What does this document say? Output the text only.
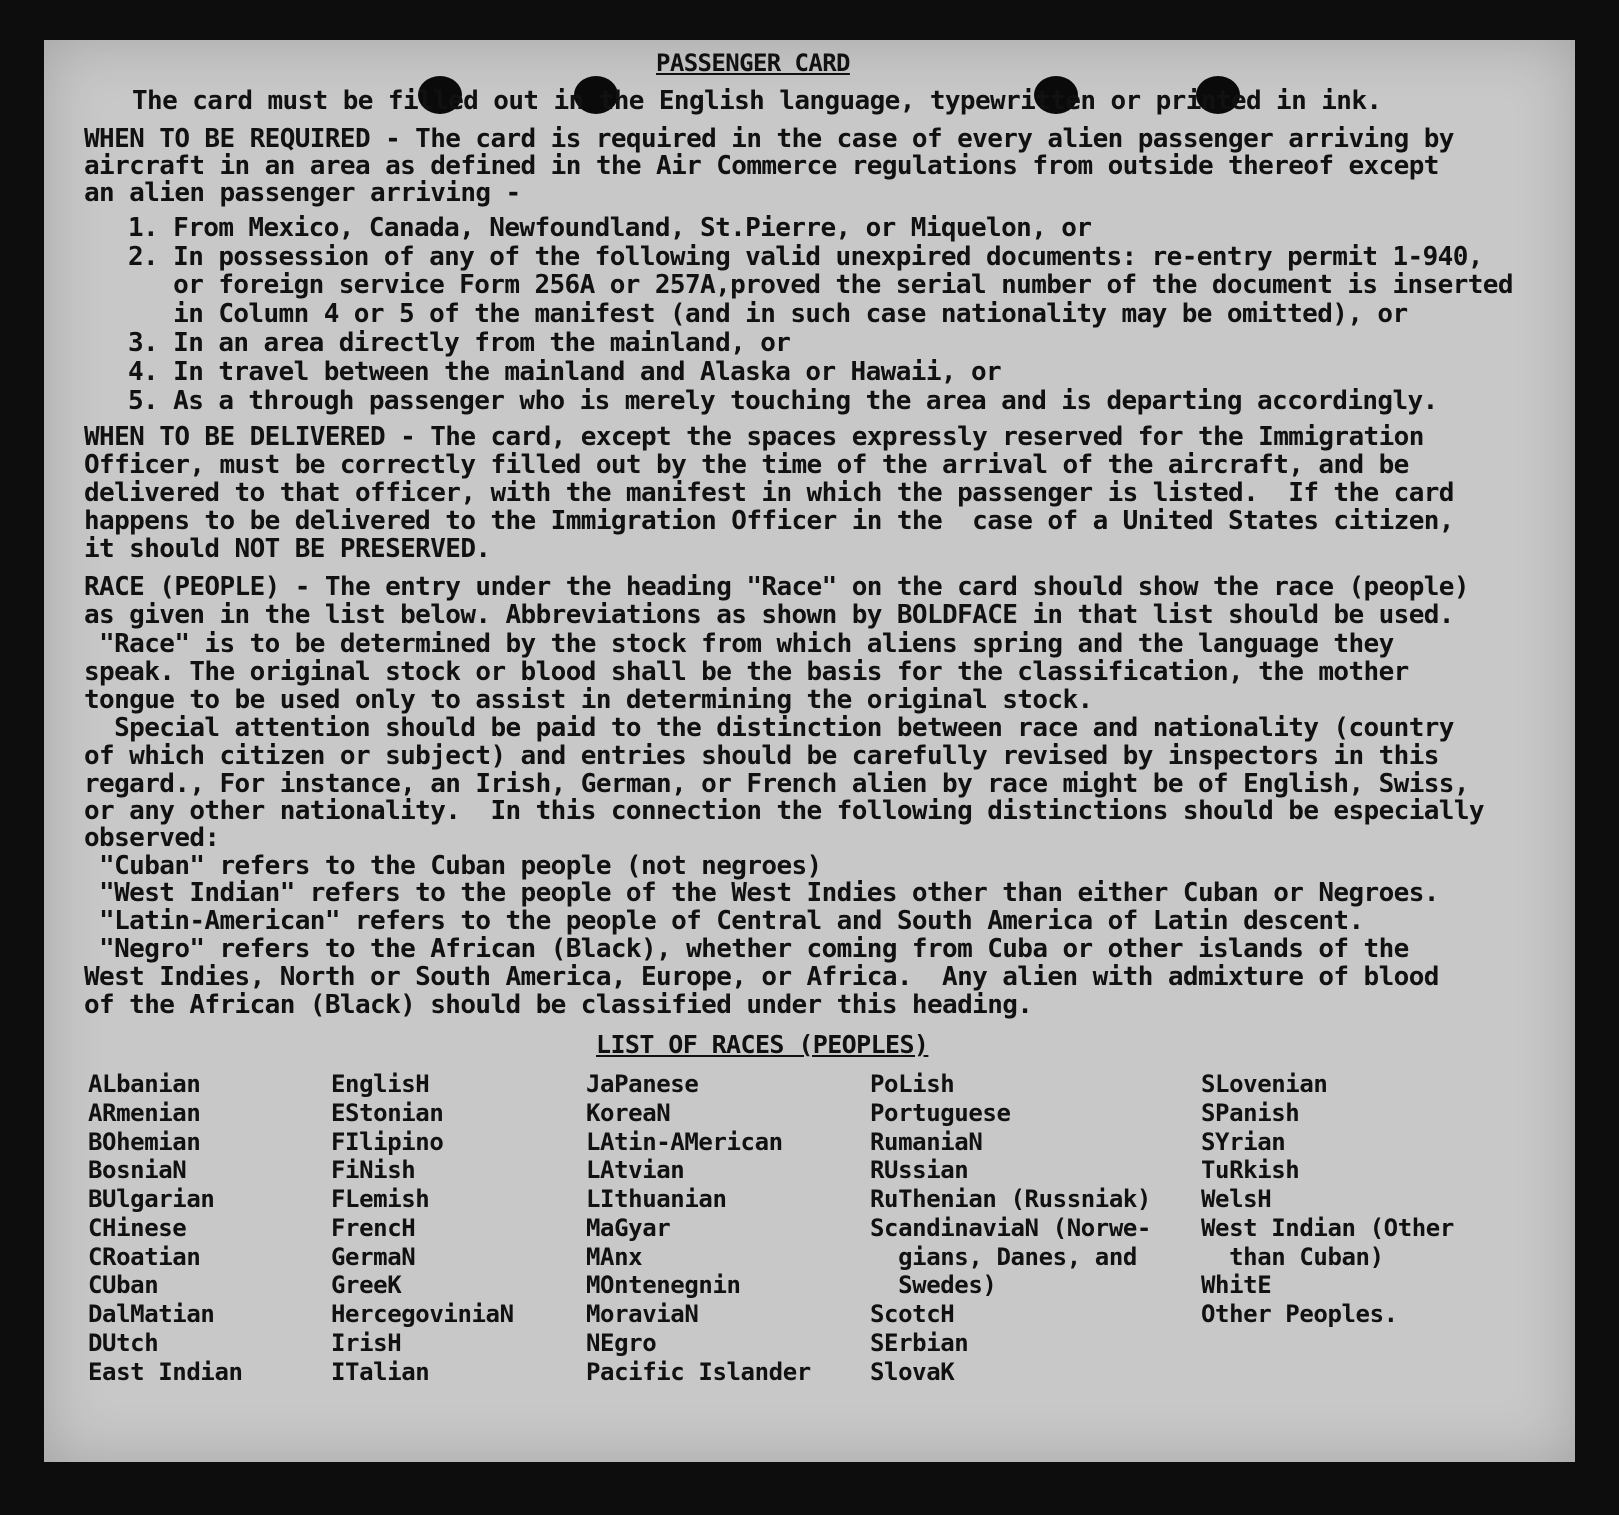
PASSENGER CARD
The card must be filled out in the English language, typewritten or printed in ink.
WHEN TO BE REQUIRED - The card is required in the case of every alien passenger arriving by
aircraft in an area as defined in the Air Commerce regulations from outside thereof except
an alien passenger arriving -
1. From Mexico, Canada, Newfoundland, St.Pierre, or Miquelon, or
2. In possession of any of the following valid unexpired documents: re-entry permit 1-940,
or foreign service Form 256A or 257A,proved the serial number of the document is inserted
in Column 4 or 5 of the manifest (and in such case nationality may be omitted), or
3. In an area directly from the mainland, or
4. In travel between the mainland and Alaska or Hawaii, or
5. As a through passenger who is merely touching the area and is departing accordingly.
WHEN TO BE DELIVERED - The card, except the spaces expressly reserved for the Immigration
Officer, must be correctly filled out by the time of the arrival of the aircraft, and be
delivered to that officer, with the manifest in which the passenger is listed.  If the card
happens to be delivered to the Immigration Officer in the  case of a United States citizen,
it should NOT BE PRESERVED.
RACE (PEOPLE) - The entry under the heading "Race" on the card should show the race (people)
as given in the list below. Abbreviations as shown by BOLDFACE in that list should be used.
"Race" is to be determined by the stock from which aliens spring and the language they
speak. The original stock or blood shall be the basis for the classification, the mother
tongue to be used only to assist in determining the original stock.
Special attention should be paid to the distinction between race and nationality (country
of which citizen or subject) and entries should be carefully revised by inspectors in this
regard., For instance, an Irish, German, or French alien by race might be of English, Swiss,
or any other nationality.  In this connection the following distinctions should be especially
observed:
"Cuban" refers to the Cuban people (not negroes)
"West Indian" refers to the people of the West Indies other than either Cuban or Negroes.
"Latin-American" refers to the people of Central and South America of Latin descent.
"Negro" refers to the African (Black), whether coming from Cuba or other islands of the
West Indies, North or South America, Europe, or Africa.  Any alien with admixture of blood
of the African (Black) should be classified under this heading.
LIST OF RACES (PEOPLES)
ALbanian
ARmenian
BOhemian
BosniaN
BUlgarian
CHinese
CRoatian
CUban
DalMatian
DUtch
East Indian
EnglisH
EStonian
FIlipino
FiNish
FLemish
FrencH
GermaN
GreeK
HercegoviniaN
IrisH
ITalian
JaPanese
KoreaN
LAtin-AMerican
LAtvian
LIthuanian
MaGyar
MAnx
MOntenegnin
MoraviaN
NEgro
Pacific Islander
PoLish
Portuguese
RumaniaN
RUssian
RuThenian (Russniak)
ScandinaviaN (Norwe-
gians, Danes, and
Swedes)
ScotcH
SErbian
SlovaK
SLovenian
SPanish
SYrian
TuRkish
WelsH
West Indian (Other
than Cuban)
WhitE
Other Peoples.
